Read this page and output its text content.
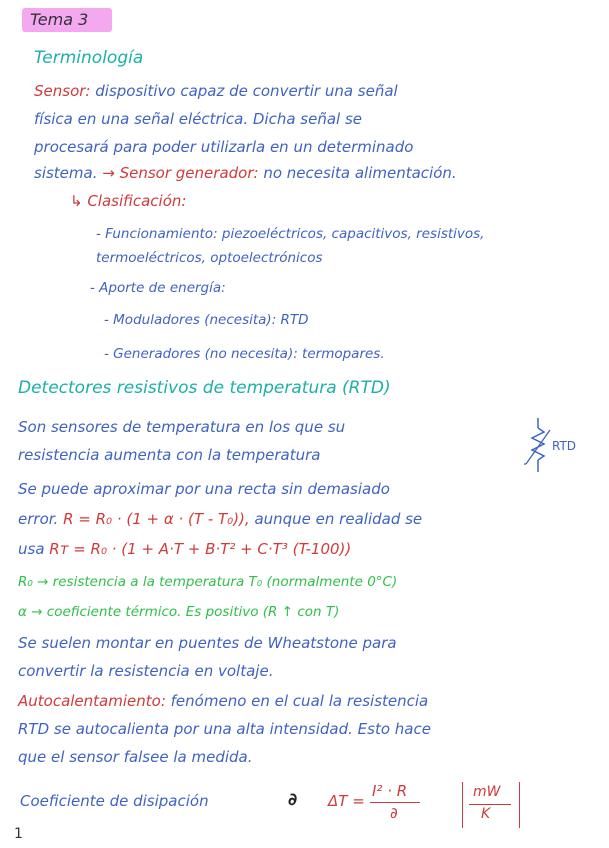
Tema 3
Terminología
Sensor: dispositivo capaz de convertir una señal
física en una señal eléctrica. Dicha señal se
procesará para poder utilizarla en un determinado
sistema. → Sensor generador: no necesita alimentación.
↳ Clasificación:
- Funcionamiento: piezoeléctricos, capacitivos, resistivos,
termoeléctricos, optoelectrónicos
- Aporte de energía:
- Moduladores (necesita): RTD
- Generadores (no necesita): termopares.
Detectores resistivos de temperatura (RTD)
Son sensores de temperatura en los que su
resistencia aumenta con la temperatura	RTD
Se puede aproximar por una recta sin demasiado
error. R = R₀ · (1 + α · (T - T₀)), aunque en realidad se
usa Rᴛ = R₀ · (1 + A·T + B·T² + C·T³ (T-100))
R₀ → resistencia a la temperatura T₀ (normalmente 0°C)
α → coeficiente térmico. Es positivo (R ↑ con T)
Se suelen montar en puentes de Wheatstone para
convertir la resistencia en voltaje.
Autocalentamiento: fenómeno en el cual la resistencia
RTD se autocalienta por una alta intensidad. Esto hace
que el sensor falsee la medida.
Coeficiente de disipación	∂ ΔT =
I² · R
∂
mW
K
1
